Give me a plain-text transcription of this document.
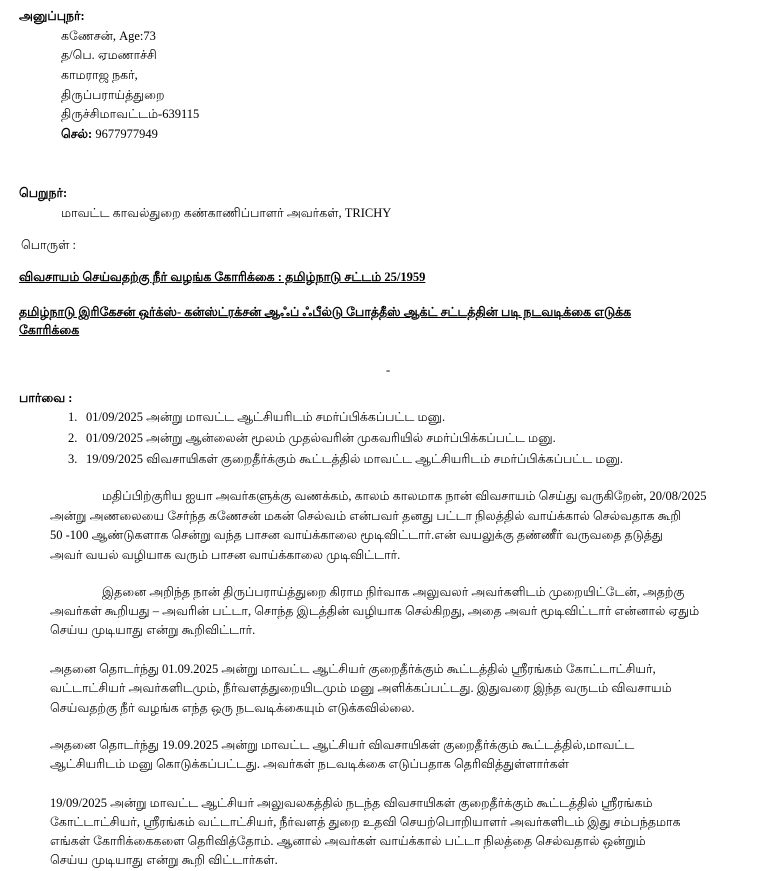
அனுப்புநர்:
கணேசன், Age:73
த/பெ. ஏமணாச்சி
காமராஜ நகர்,
திருப்பராய்த்துறை
திருச்சிமாவட்டம்-639115
செல்: 9677977949
பெறுநர்:
மாவட்ட காவல்துறை கண்காணிப்பாளர் அவர்கள், TRICHY
பொருள் :
விவசாயம் செய்வதற்கு நீர் வழங்க கோரிக்கை : தமிழ்நாடு சட்டம் 25/1959
தமிழ்நாடு இரிகேசன் ஒர்க்ஸ்- கன்ஸ்ட்ரக்சன் ஆஃப் ஃபீல்டு போத்தீஸ் ஆக்ட் சட்டத்தின் படி நடவடிக்கை எடுக்க
கோரிக்கை
-
பார்வை :
1. 01/09/2025 அன்று மாவட்ட ஆட்சியரிடம் சமர்ப்பிக்கப்பட்ட மனு.
2. 01/09/2025 அன்று ஆன்லைன் மூலம் முதல்வரின் முகவரியில் சமர்ப்பிக்கப்பட்ட மனு.
3. 19/09/2025 விவசாயிகள் குறைதீர்க்கும் கூட்டத்தில் மாவட்ட ஆட்சியரிடம் சமர்ப்பிக்கப்பட்ட மனு.
மதிப்பிற்குரிய ஐயா அவர்களுக்கு வணக்கம், காலம் காலமாக நான் விவசாயம் செய்து வருகிறேன், 20/08/2025
அன்று அணலையை சேர்ந்த கணேசன் மகன் செல்வம் என்பவர் தனது பட்டா நிலத்தில் வாய்க்கால் செல்வதாக கூறி
50 -100 ஆண்டுகளாக சென்று வந்த பாசன வாய்க்காலை மூடிவிட்டார்.என் வயலுக்கு தண்ணீர் வருவதை தடுத்து
அவர் வயல் வழியாக வரும் பாசன வாய்க்காலை முடிவிட்டார்.
இதனை அறிந்த நான் திருப்பராய்த்துறை கிராம நிர்வாக அலுவலர் அவர்களிடம் முறையிட்டேன், அதற்கு
அவர்கள் கூறியது – அவரின் பட்டா, சொந்த இடத்தின் வழியாக செல்கிறது, அதை அவர் மூடிவிட்டார் என்னால் ஏதும்
செய்ய முடியாது என்று கூறிவிட்டார்.
அதனை தொடர்ந்து 01.09.2025 அன்று மாவட்ட ஆட்சியர் குறைதீர்க்கும் கூட்டத்தில் ஸ்ரீரங்கம் கோட்டாட்சியர்,
வட்டாட்சியர் அவர்களிடமும், நீர்வளத்துறையிடமும் மனு அளிக்கப்பட்டது. இதுவரை இந்த வருடம் விவசாயம்
செய்வதற்கு நீர் வழங்க எந்த ஒரு நடவடிக்கையும் எடுக்கவில்லை.
அதனை தொடர்ந்து 19.09.2025 அன்று மாவட்ட ஆட்சியர் விவசாயிகள் குறைதீர்க்கும் கூட்டத்தில்,மாவட்ட
ஆட்சியரிடம் மனு கொடுக்கப்பட்டது. அவர்கள் நடவடிக்கை எடுப்பதாக தெரிவித்துள்ளார்கள்
19/09/2025 அன்று மாவட்ட ஆட்சியர் அலுவலகத்தில் நடந்த விவசாயிகள் குறைதீர்க்கும் கூட்டத்தில் ஸ்ரீரங்கம்
கோட்டாட்சியர், ஸ்ரீரங்கம் வட்டாட்சியர், நீர்வளத் துறை உதவி செயற்பொறியாளர் அவர்களிடம் இது சம்பந்தமாக
எங்கள் கோரிக்கைகளை தெரிவித்தோம். ஆனால் அவர்கள் வாய்க்கால் பட்டா நிலத்தை செல்வதால் ஒன்றும்
செய்ய முடியாது என்று கூறி விட்டார்கள்.
